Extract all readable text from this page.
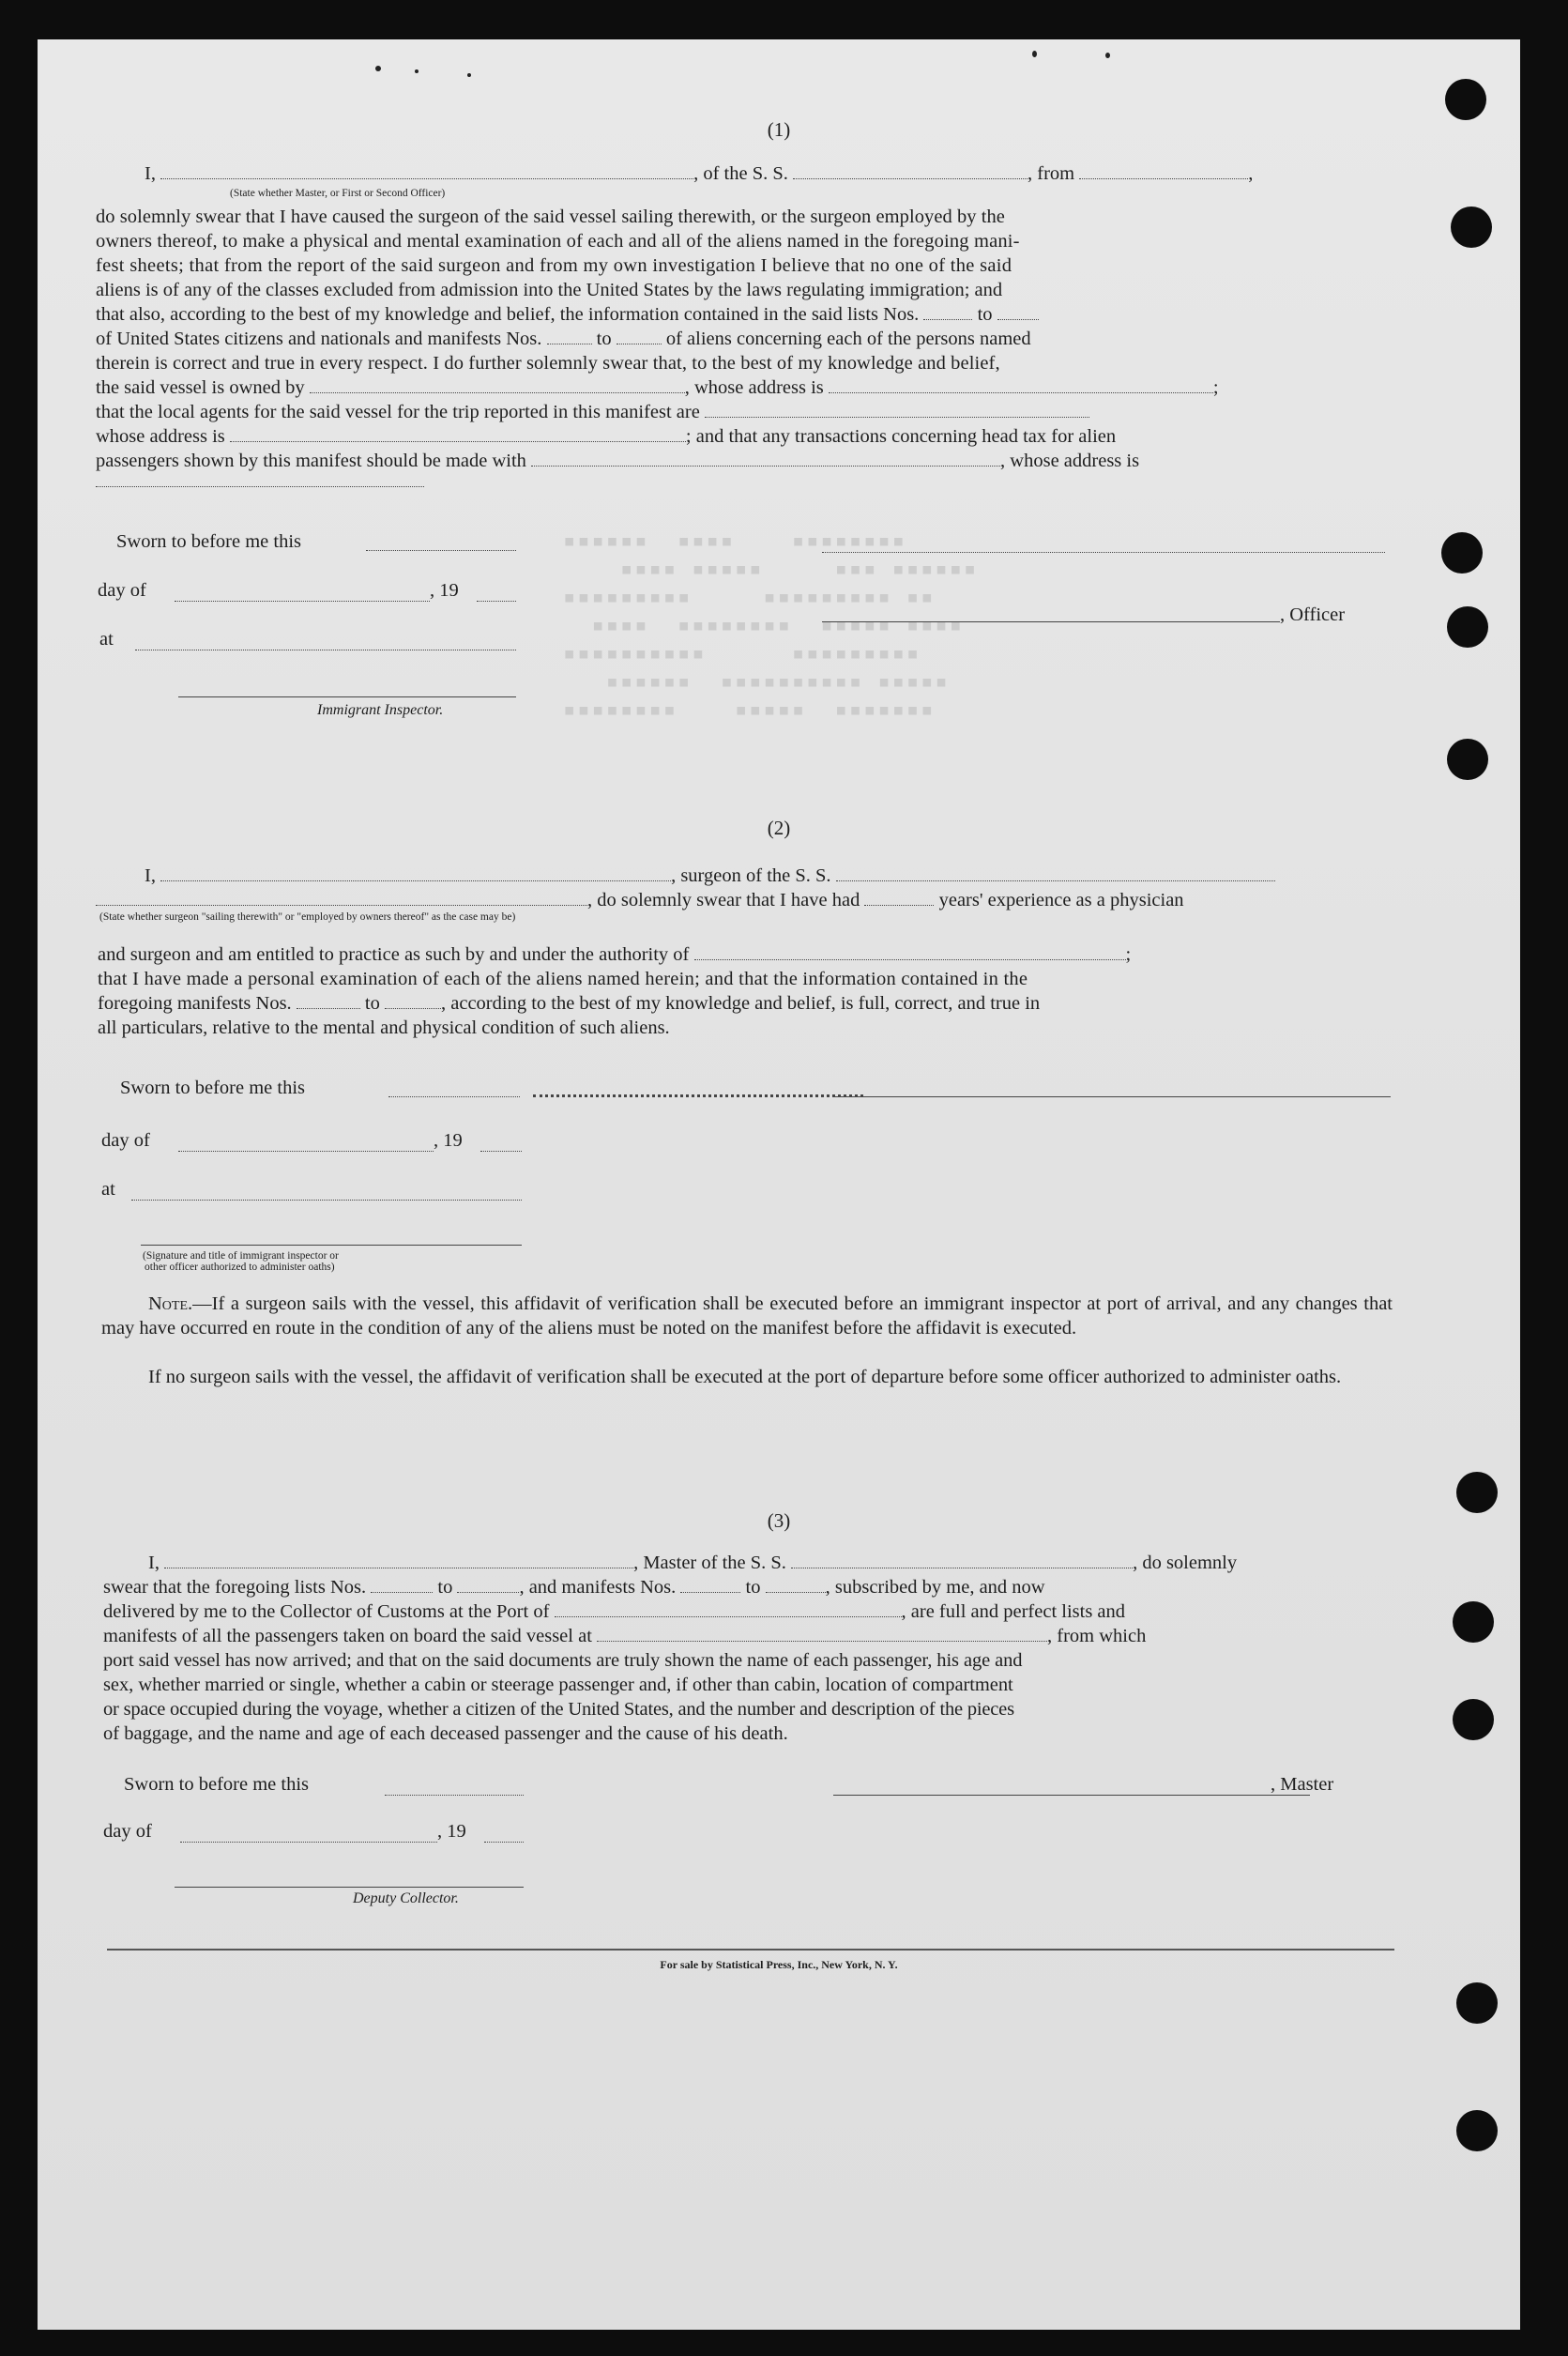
▪▪▪▪▪▪  ▪▪▪▪    ▪▪▪▪▪▪▪▪
▪▪▪▪ ▪▪▪▪▪     ▪▪▪ ▪▪▪▪▪▪
▪▪▪▪▪▪▪▪▪     ▪▪▪▪▪▪▪▪▪ ▪▪
▪▪▪▪  ▪▪▪▪▪▪▪▪  ▪▪▪▪▪ ▪▪▪▪
▪▪▪▪▪▪▪▪▪▪      ▪▪▪▪▪▪▪▪▪
▪▪▪▪▪▪  ▪▪▪▪▪▪▪▪▪▪ ▪▪▪▪▪
▪▪▪▪▪▪▪▪    ▪▪▪▪▪  ▪▪▪▪▪▪▪
(1)
I,	, of the S. S.	, from	,
(State whether Master, or First or Second Officer)
do solemnly swear that I have caused the surgeon of the said vessel sailing therewith, or the surgeon employed by the
owners thereof, to make a physical and mental examination of each and all of the aliens named in the foregoing mani-
fest sheets; that from the report of the said surgeon and from my own investigation I believe that no one of the said
aliens is of any of the classes excluded from admission into the United States by the laws regulating immigration; and
that also, according to the best of my knowledge and belief, the information contained in the said lists Nos.	to
of United States citizens and nationals and manifests Nos.	to	of aliens concerning each of the persons named
therein is correct and true in every respect. I do further solemnly swear that, to the best of my knowledge and belief,
the said vessel is owned by	, whose address is	;
that the local agents for the said vessel for the trip reported in this manifest are
whose address is	; and that any transactions concerning head tax for alien
passengers shown by this manifest should be made with	, whose address is
Sworn to before me this
day of	, 19
, Officer
at
Immigrant Inspector.
(2)
I,	, surgeon of the S. S.
, do solemnly swear that I have had	years' experience as a physician
(State whether surgeon "sailing therewith" or "employed by owners thereof" as the case may be)
and surgeon and am entitled to practice as such by and under the authority of	;
that I have made a personal examination of each of the aliens named herein; and that the information contained in the
foregoing manifests Nos.	to	, according to the best of my knowledge and belief, is full, correct, and true in
all particulars, relative to the mental and physical condition of such aliens.
Sworn to before me this
day of	, 19
at
(Signature and title of immigrant inspector or
other officer authorized to administer oaths)
Note.—If a surgeon sails with the vessel, this affidavit of verification shall be executed before an immigrant inspector at port of arrival, and any changes that may have occurred en route in the condition of any of the aliens must be noted on the manifest before the affidavit is executed.
If no surgeon sails with the vessel, the affidavit of verification shall be executed at the port of departure before some officer authorized to administer oaths.
(3)
I,	, Master of the S. S.	, do solemnly
swear that the foregoing lists Nos.	to	, and manifests Nos.	to	, subscribed by me, and now
delivered by me to the Collector of Customs at the Port of	, are full and perfect lists and
manifests of all the passengers taken on board the said vessel at	, from which
port said vessel has now arrived; and that on the said documents are truly shown the name of each passenger, his age and
sex, whether married or single, whether a cabin or steerage passenger and, if other than cabin, location of compartment
or space occupied during the voyage, whether a citizen of the United States, and the number and description of the pieces
of baggage, and the name and age of each deceased passenger and the cause of his death.
Sworn to before me this	, Master
day of	, 19
Deputy Collector.
For sale by Statistical Press, Inc., New York, N. Y.
